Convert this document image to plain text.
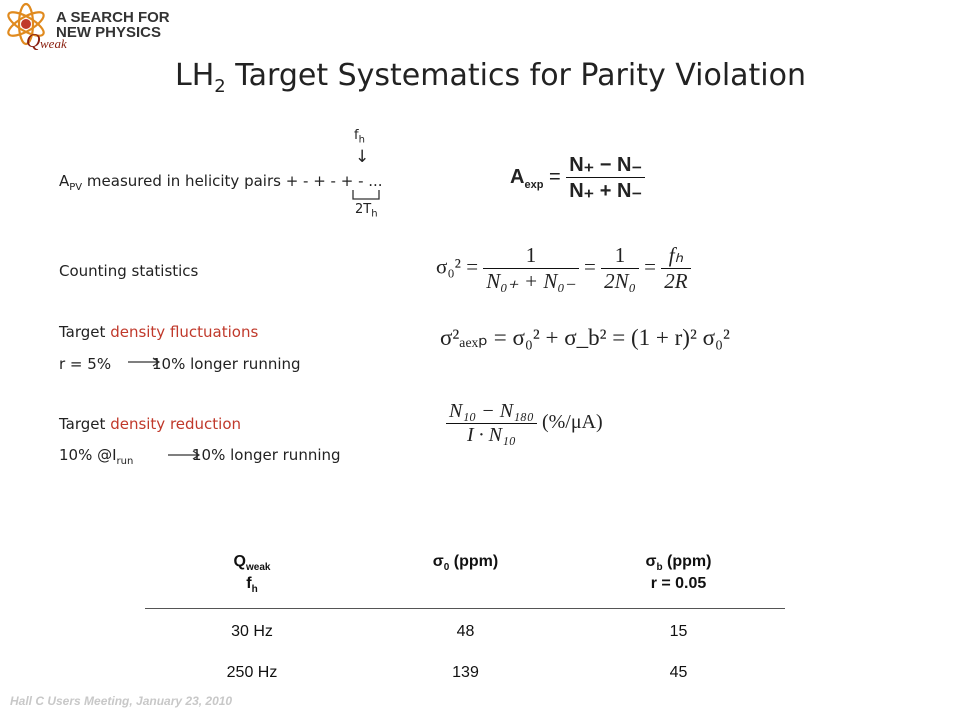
Q weak
A SEARCH FOR
NEW PHYSICS
$LH_2$ Target Systematics for Parity Violation
$f_h$
↓
$A_{PV}$ measured in helicity pairs + - + - + - ...
$2T_h$
$A_{exp} = \frac{N_+ - N_-}{N_+ + N_-}$
Counting statistics	$\sigma_0^2 = \frac{1}{\text{N₀₊ + N₀₋}} = \frac{1}{\text{2N₀}} = \frac{\text{fₕ}}{2R}$
Target density fluctuations
r = 5%	10% longer running
σ²ₐₑₓₚ = σ₀² + σ_b² = (1 + r)² σ₀²
Target density reduction
10% $@I_{run}$	10% longer running
$\frac{\text{N₁₀ − N₁₈₀}}{\text{I · N₁₀}} (\%/\mu A)$
$Q_{weak}$
$f_h$
$\sigma_0$ (ppm)	$\sigma_b$ (ppm)
r = 0.05
30 Hz	48	15
250 Hz	139	45
Hall C Users Meeting, January 23, 2010
